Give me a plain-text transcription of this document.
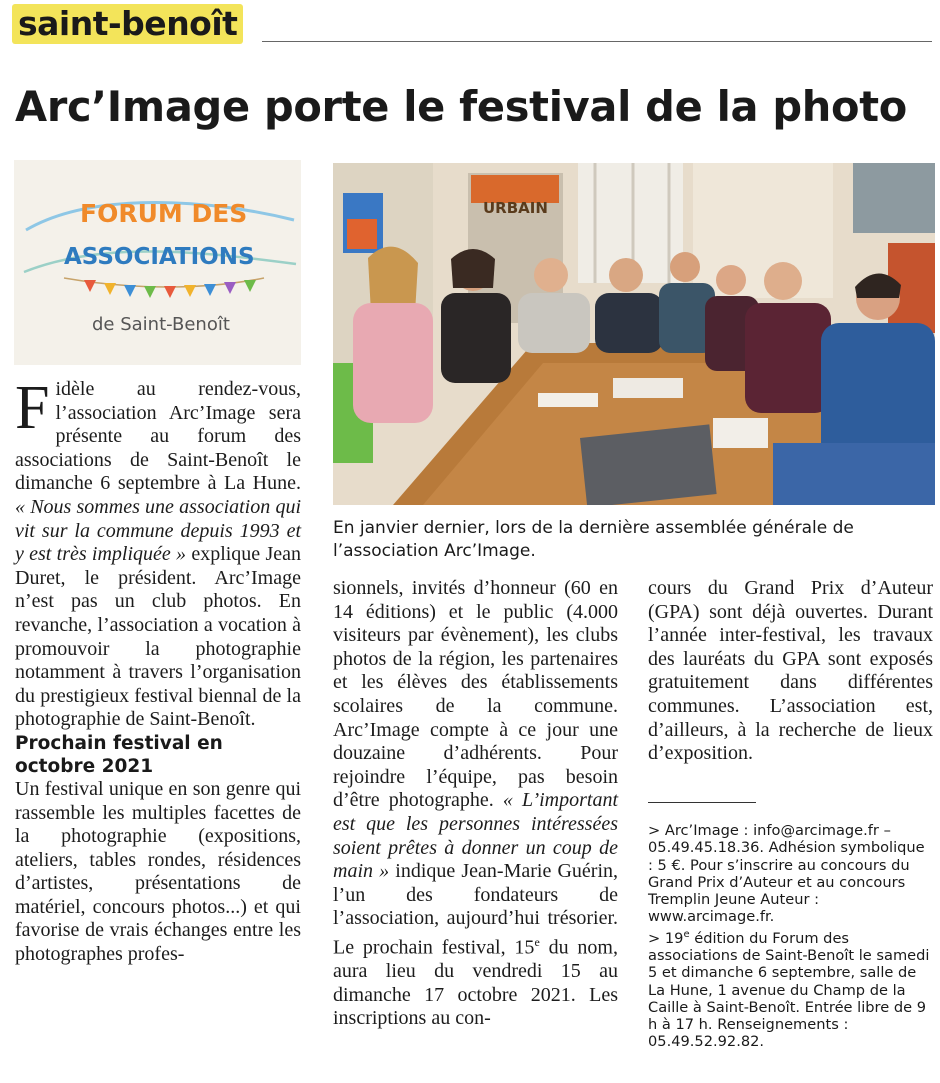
saint-benoît
Arc’Image porte le festival de la photo
FORUM DES
ASSOCIATIONS
de Saint-Benoît
URBAIN
En janvier dernier, lors de la dernière assemblée générale de l’association Arc’Image.

Fidèle au rendez-vous, l’association Arc’Image sera présente au forum des associations de Saint-Benoît le dimanche 6 septembre à La Hune. « Nous sommes une association qui vit sur la commune depuis 1993 et y est très impliquée » explique Jean Duret, le président. Arc’Image n’est pas un club photos. En revanche, l’association a vocation à promouvoir la photographie notamment à travers l’organisation du prestigieux festival biennal de la photographie de Saint-Benoît.

Prochain festival en octobre 2021

Un festival unique en son genre qui rassemble les multiples facettes de la photographie (expositions, ateliers, tables rondes, résidences d’artistes, présentations de matériel, concours photos...) et qui favorise de vrais échanges entre les photographes profes-

sionnels, invités d’honneur (60 en 14 éditions) et le public (4.000 visiteurs par évènement), les clubs photos de la région, les partenaires et les élèves des établissements scolaires de la commune. Arc’Image compte à ce jour une douzaine d’adhérents. Pour rejoindre l’équipe, pas besoin d’être photographe. « L’important est que les personnes intéressées soient prêtes à donner un coup de main » indique Jean-Marie Guérin, l’un des fondateurs de l’association, aujourd’hui trésorier. Le prochain festival, 15e du nom, aura lieu du vendredi 15 au dimanche 17 octobre 2021. Les inscriptions au con-

cours du Grand Prix d’Auteur (GPA) sont déjà ouvertes. Durant l’année inter-festival, les travaux des lauréats du GPA sont exposés gratuitement dans différentes communes. L’association est, d’ailleurs, à la recherche de lieux d’exposition.

> Arc’Image : info@arcimage.fr – 05.49.45.18.36. Adhésion symbolique : 5 €. Pour s’inscrire au concours du Grand Prix d’Auteur et au concours Tremplin Jeune Auteur : www.arcimage.fr.

> $19^e$ édition du Forum des associations de Saint-Benoît le samedi 5 et dimanche 6 septembre, salle de La Hune, 1 avenue du Champ de la Caille à Saint-Benoît. Entrée libre de 9 h à 17 h. Renseignements : 05.49.52.92.82.
